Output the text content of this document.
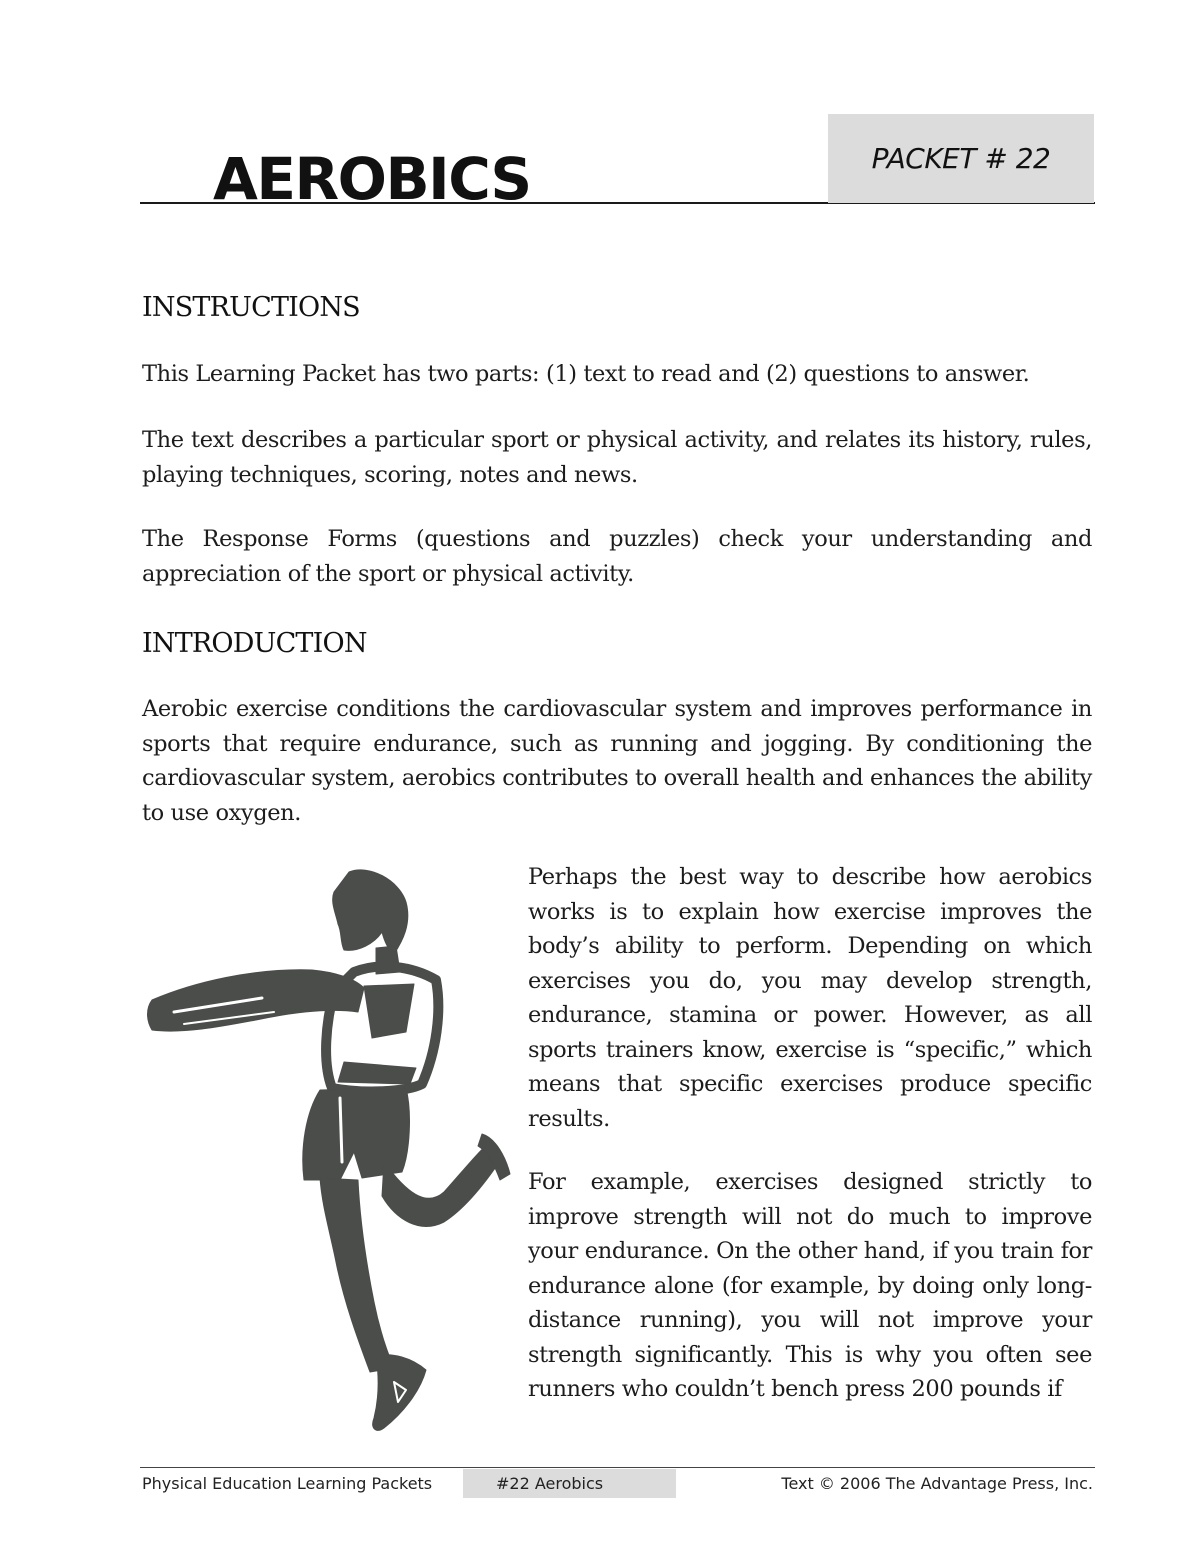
AEROBICS	PACKET # 22
INSTRUCTIONS

This Learning Packet has two parts: (1) text to read and (2) questions to answer.

The text describes a particular sport or physical activity, and relates its history, rules, playing techniques, scoring, notes and news.

The Response Forms (questions and puzzles) check your understanding and appreciation of the sport or physical activity.

INTRODUCTION

Aerobic exercise conditions the cardiovascular system and improves performance in sports that require endurance, such as running and jogging. By conditioning the cardiovascular system, aerobics contributes to overall health and enhances the ability to use oxygen.

Perhaps the best way to describe how aerobics works is to explain how exercise improves the body’s ability to perform. Depending on which exercises you do, you may develop strength, endurance, stamina or power. However, as all sports trainers know, exercise is “specific,” which means that specific exercises produce specific results.

For example, exercises designed strictly to improve strength will not do much to improve your endurance. On the other hand, if you train for endurance alone (for example, by doing only long-distance running), you will not improve your strength significantly. This is why you often see runners who couldn’t bench press 200 pounds if

Physical Education Learning Packets	#22 Aerobics	Text © 2006 The Advantage Press, Inc.
